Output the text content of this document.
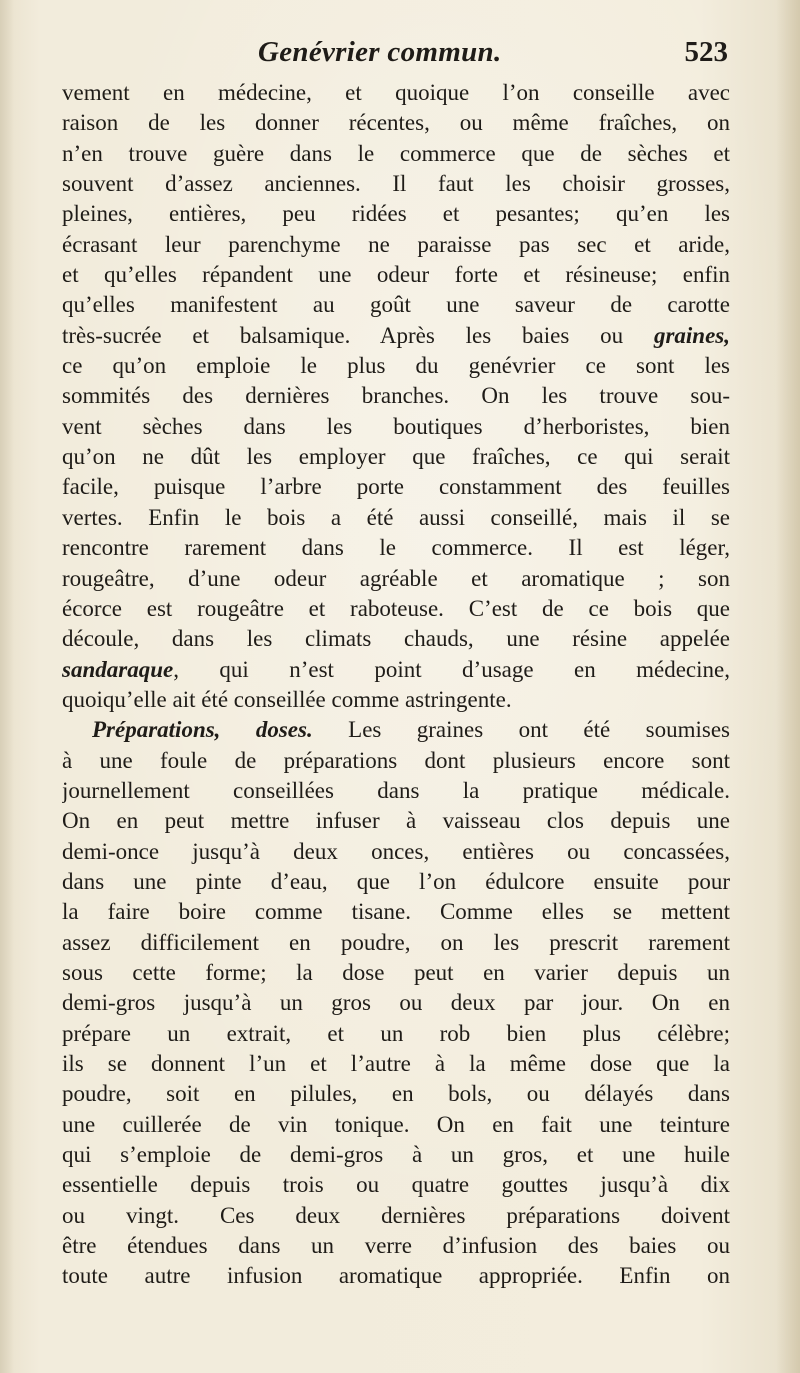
Genévrier commun.	523
vement en médecine, et quoique l’on conseille avec
raison de les donner récentes, ou même fraîches, on
n’en trouve guère dans le commerce que de sèches et
souvent d’assez anciennes. Il faut les choisir grosses,
pleines, entières, peu ridées et pesantes; qu’en les
écrasant leur parenchyme ne paraisse pas sec et aride,
et qu’elles répandent une odeur forte et résineuse; enfin
qu’elles manifestent au goût une saveur de carotte
très-sucrée et balsamique. Après les baies ou graines,
ce qu’on emploie le plus du genévrier ce sont les
sommités des dernières branches. On les trouve sou-
vent sèches dans les boutiques d’herboristes, bien
qu’on ne dût les employer que fraîches, ce qui serait
facile, puisque l’arbre porte constamment des feuilles
vertes. Enfin le bois a été aussi conseillé, mais il se
rencontre rarement dans le commerce. Il est léger,
rougeâtre, d’une odeur agréable et aromatique ; son
écorce est rougeâtre et raboteuse. C’est de ce bois que
découle, dans les climats chauds, une résine appelée
sandaraque, qui n’est point d’usage en médecine,
quoiqu’elle ait été conseillée comme astringente.
Préparations, doses. Les graines ont été soumises
à une foule de préparations dont plusieurs encore sont
journellement conseillées dans la pratique médicale.
On en peut mettre infuser à vaisseau clos depuis une
demi-once jusqu’à deux onces, entières ou concassées,
dans une pinte d’eau, que l’on édulcore ensuite pour
la faire boire comme tisane. Comme elles se mettent
assez difficilement en poudre, on les prescrit rarement
sous cette forme; la dose peut en varier depuis un
demi-gros jusqu’à un gros ou deux par jour. On en
prépare un extrait, et un rob bien plus célèbre;
ils se donnent l’un et l’autre à la même dose que la
poudre, soit en pilules, en bols, ou délayés dans
une cuillerée de vin tonique. On en fait une teinture
qui s’emploie de demi-gros à un gros, et une huile
essentielle depuis trois ou quatre gouttes jusqu’à dix
ou vingt. Ces deux dernières préparations doivent
être étendues dans un verre d’infusion des baies ou
toute autre infusion aromatique appropriée. Enfin on
